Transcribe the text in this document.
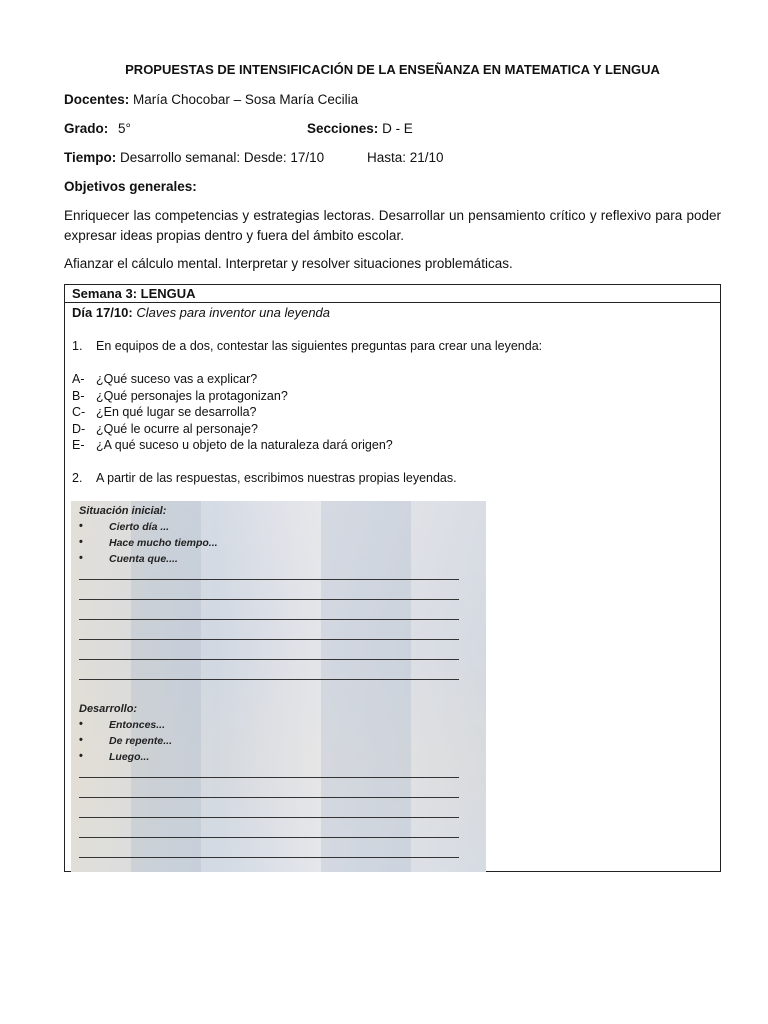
PROPUESTAS DE INTENSIFICACIÓN DE LA ENSEÑANZA EN MATEMATICA Y LENGUA
Docentes: María Chocobar – Sosa María Cecilia
Grado: 5°	Secciones: D - E
Tiempo: Desarrollo semanal: Desde: 17/10	Hasta: 21/10
Objetivos generales:
Enriquecer las competencias y estrategias lectoras. Desarrollar un pensamiento crítico y reflexivo para poder expresar ideas propias dentro y fuera del ámbito escolar.
Afianzar el cálculo mental. Interpretar y resolver situaciones problemáticas.
Semana 3: LENGUA
Día 17/10: Claves para inventor una leyenda
1. En equipos de a dos, contestar las siguientes preguntas para crear una leyenda:
A- ¿Qué suceso vas a explicar?
B- ¿Qué personajes la protagonizan?
C- ¿En qué lugar se desarrolla?
D- ¿Qué le ocurre al personaje?
E- ¿A qué suceso u objeto de la naturaleza dará origen?
2. A partir de las respuestas, escribimos nuestras propias leyendas.
Situación inicial:
• Cierto día ...
• Hace mucho tiempo...
• Cuenta que....
Desarrollo:
• Entonces...
• De repente...
• Luego...
